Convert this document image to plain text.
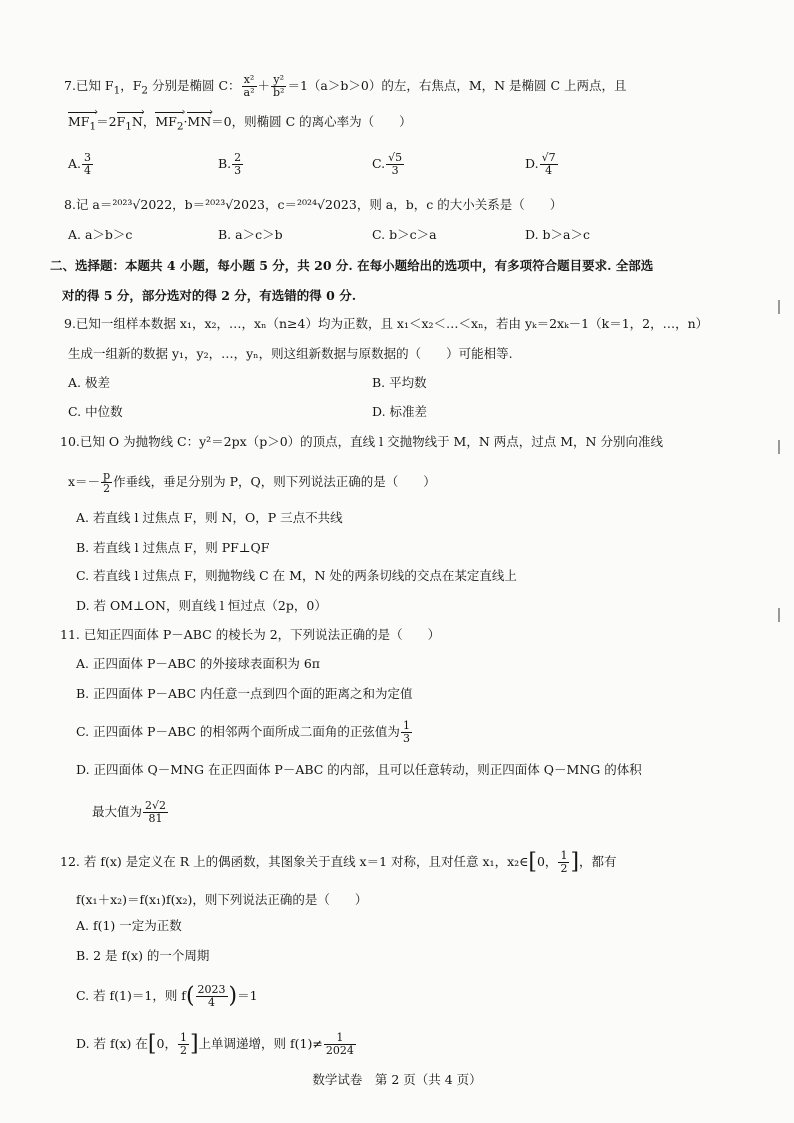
7.已知 $F_1$，$F_2$ 分别是椭圆 C： $\frac{\text{x²}}{\text{a²}} + \frac{\text{y²}}{\text{b²}} =1(a>b>0)$的左，右焦点，M，N 是椭圆 C 上两点，且
$MF_1$ $›=2F_1N$ ›，$MF_2$ ›·MN ›＝0，则椭圆 C 的离心率为（　　）
A. $\frac{3}{4}$	B. $\frac{2}{3}$	C. $\frac{√5}{3}$	D. $\frac{√7}{4}$
8.记 a＝²⁰²³√2022，b＝²⁰²³√2023，c＝²⁰²⁴√2023，则 a，b，c 的大小关系是（　　）
A. a＞b＞c	B. a＞c＞b	C. b＞c＞a	D. b＞a＞c
二、选择题：本题共 4 小题，每小题 5 分，共 20 分. 在每小题给出的选项中，有多项符合题目要求. 全部选
对的得 5 分，部分选对的得 2 分，有选错的得 0 分.
9.已知一组样本数据 x₁，x₂，…，xₙ（n≥4）均为正数，且 x₁＜x₂＜…＜xₙ，若由 yₖ＝2xₖ－1（k＝1，2，…，n）
生成一组新的数据 y₁，y₂，…，yₙ，则这组新数据与原数据的（　　）可能相等.
A. 极差	B. 平均数
C. 中位数	D. 标准差
10.已知 O 为抛物线 C：y²＝2px（p＞0）的顶点，直线 l 交抛物线于 M，N 两点，过点 M，N 分别向准线
$x=- \frac{p}{2}$ 作垂线，垂足分别为 P，Q，则下列说法正确的是（　　）
A. 若直线 l 过焦点 F，则 N，O，P 三点不共线
B. 若直线 l 过焦点 F，则 PF⊥QF
C. 若直线 l 过焦点 F，则抛物线 C 在 M，N 处的两条切线的交点在某定直线上
D. 若 OM⊥ON，则直线 l 恒过点（2p，0）
11. 已知正四面体 P－ABC 的棱长为 2，下列说法正确的是（　　）
A. 正四面体 P－ABC 的外接球表面积为 6π
B. 正四面体 P－ABC 内任意一点到四个面的距离之和为定值
C. 正四面体 P－ABC 的相邻两个面所成二面角的正弦值为 $\frac{1}{3}$
D. 正四面体 Q－MNG 在正四面体 P－ABC 的内部，且可以任意转动，则正四面体 Q－MNG 的体积
最大值为 $\frac{2√2}{81}$
12. 若 f(x) 是定义在 R 上的偶函数，其图象关于直线 x＝1 对称，且对任意 x₁，x₂∈[0， $\frac{1}{2}$ ]，都有
f(x₁＋x₂)＝f(x₁)f(x₂)，则下列说法正确的是（　　）
A. f(1) 一定为正数
B. 2 是 f(x) 的一个周期
C. 若 f(1)＝1，则 $f( \frac{2023}{4} )=1$
D. 若 f(x) 在[0， $\frac{1}{2}$ ]上单调递增，则 $f(1)\ne \frac{1}{2024}$
数学试卷　第 2 页（共 4 页）
